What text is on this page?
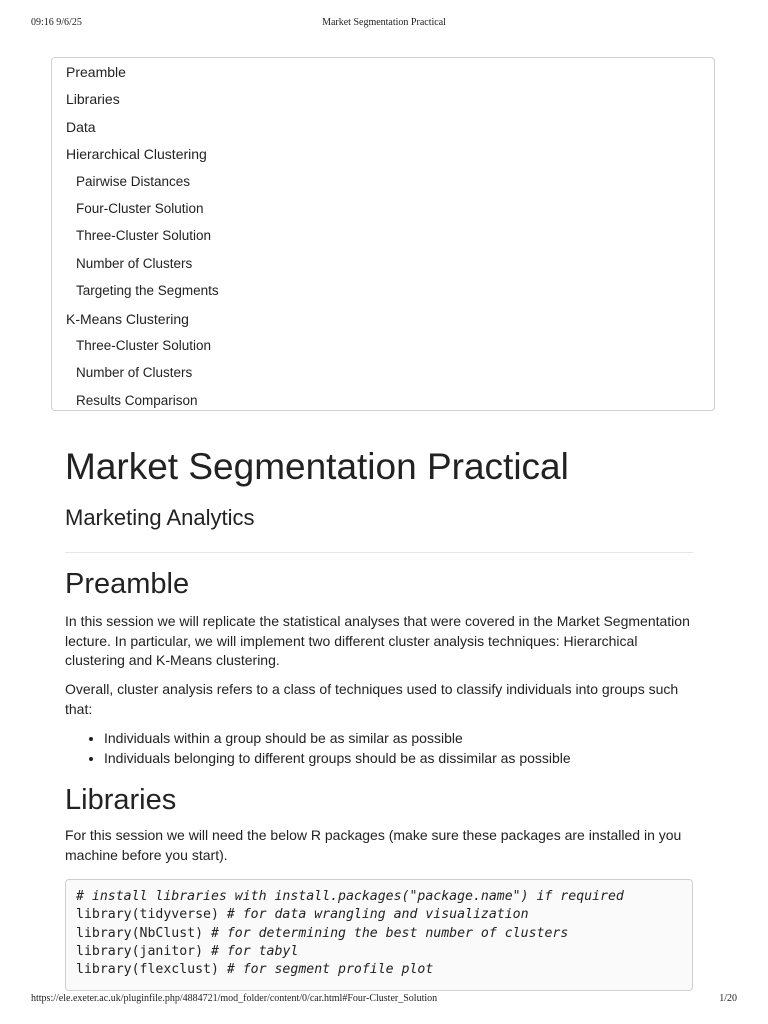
09:16 9/6/25	Market Segmentation Practical
Preamble
Libraries
Data
Hierarchical Clustering
Pairwise Distances
Four-Cluster Solution
Three-Cluster Solution
Number of Clusters
Targeting the Segments
K-Means Clustering
Three-Cluster Solution
Number of Clusters
Results Comparison
Market Segmentation Practical
Marketing Analytics
Preamble

In this session we will replicate the statistical analyses that were covered in the Market Segmentation lecture. In particular, we will implement two different cluster analysis techniques: Hierarchical clustering and K-Means clustering.

Overall, cluster analysis refers to a class of techniques used to classify individuals into groups such that:

• Individuals within a group should be as similar as possible
• Individuals belonging to different groups should be as dissimilar as possible
Libraries

For this session we will need the below R packages (make sure these packages are installed in you machine before you start).

# install libraries with install.packages("package.name") if required
library(tidyverse) # for data wrangling and visualization
library(NbClust) # for determining the best number of clusters
library(janitor) # for tabyl
library(flexclust) # for segment profile plot
https://ele.exeter.ac.uk/pluginfile.php/4884721/mod_folder/content/0/car.html#Four-Cluster_Solution	1/20
